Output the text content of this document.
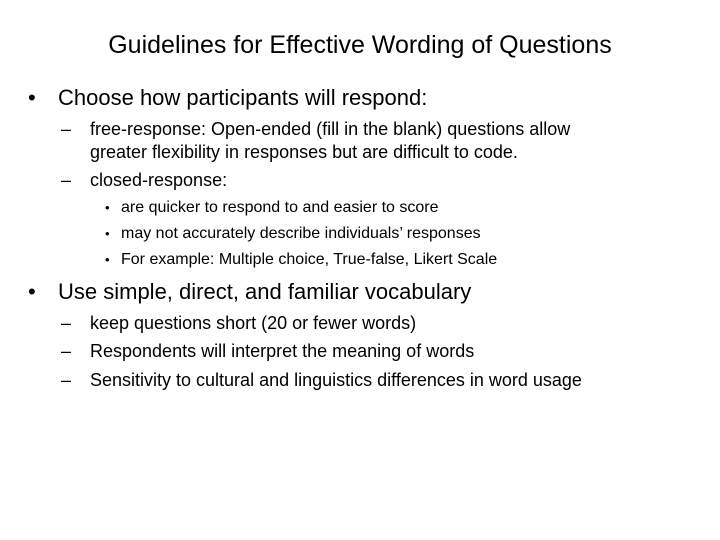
Guidelines for Effective Wording of Questions
• Choose how participants will respond:
– free-response: Open-ended (fill in the blank) questions allow
greater flexibility in responses but are difficult to code.
– closed-response:
• are quicker to respond to and easier to score
• may not accurately describe individuals’ responses
• For example: Multiple choice, True-false, Likert Scale
• Use simple, direct, and familiar vocabulary
– keep questions short (20 or fewer words)
– Respondents will interpret the meaning of words
– Sensitivity to cultural and linguistics differences in word usage
